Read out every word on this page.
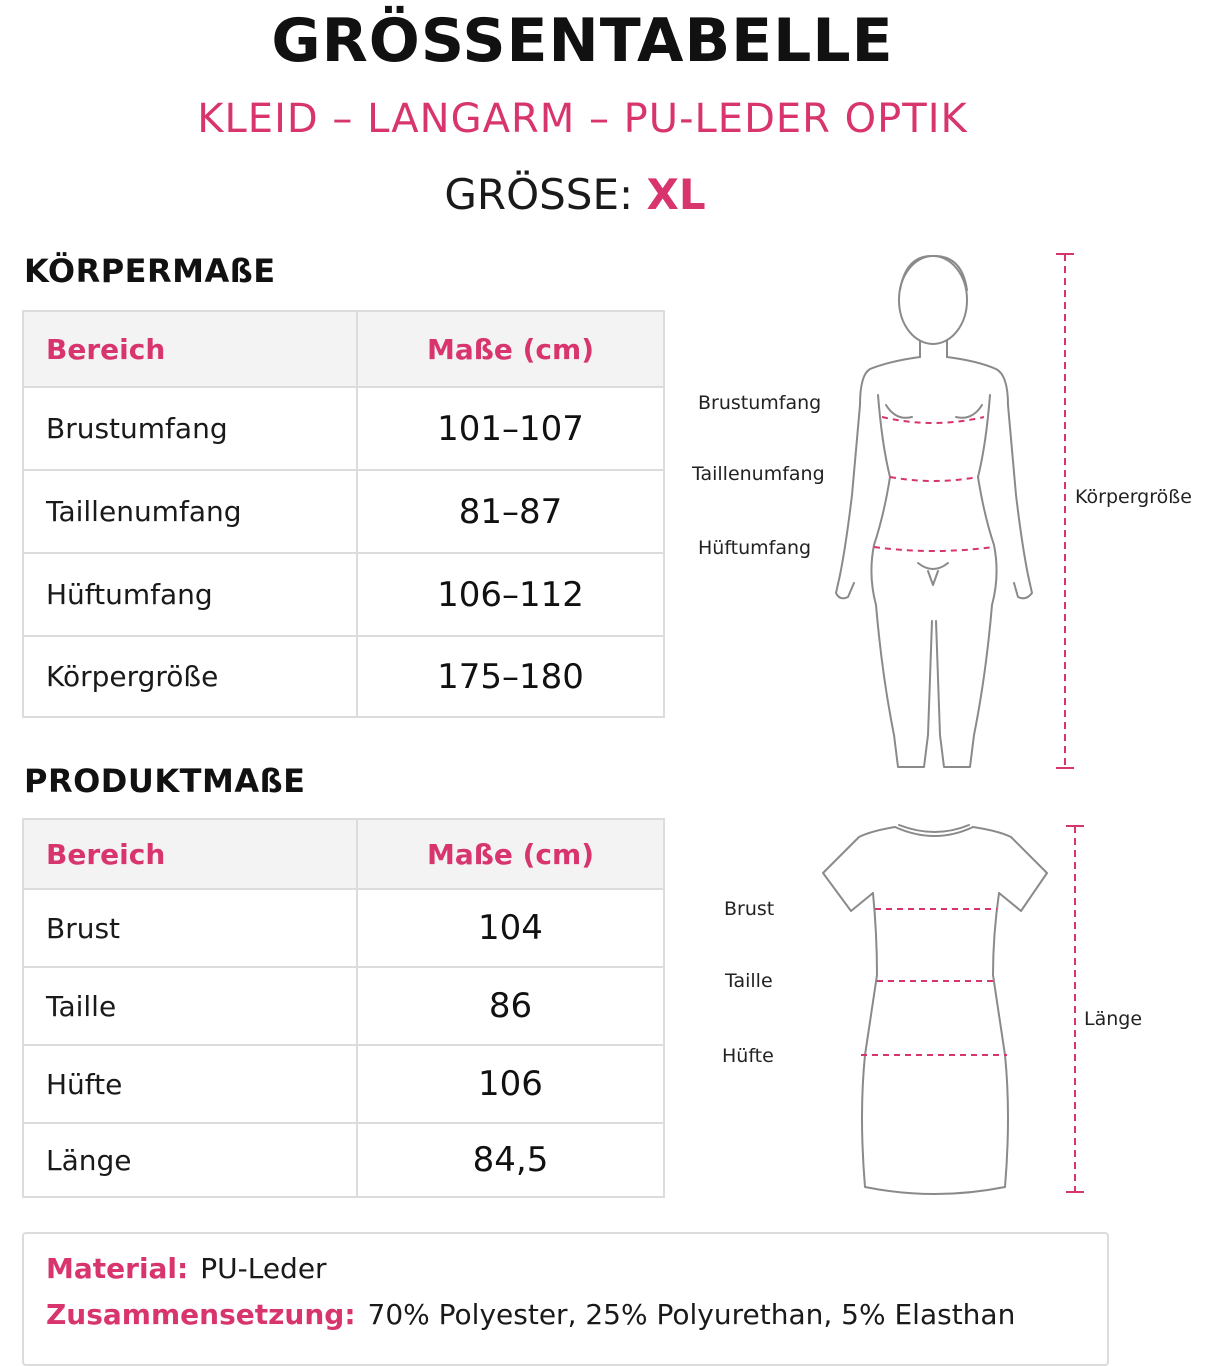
GRÖSSENTABELLE
KLEID – LANGARM – PU-LEDER OPTIK
GRÖSSE: XL
KÖRPERMAßE
Bereich	Maße (cm)
Brustumfang	101–107
Taillenumfang	81–87
Hüftumfang	106–112
Körpergröße	175–180
PRODUKTMAßE
Bereich	Maße (cm)
Brust	104
Taille	86
Hüfte	106
Länge	84,5
Brustumfang
Taillenumfang
Hüftumfang
Körpergröße
Brust
Taille
Hüfte
Länge
Material: PU-Leder
Zusammensetzung: 70% Polyester, 25% Polyurethan, 5% Elasthan
